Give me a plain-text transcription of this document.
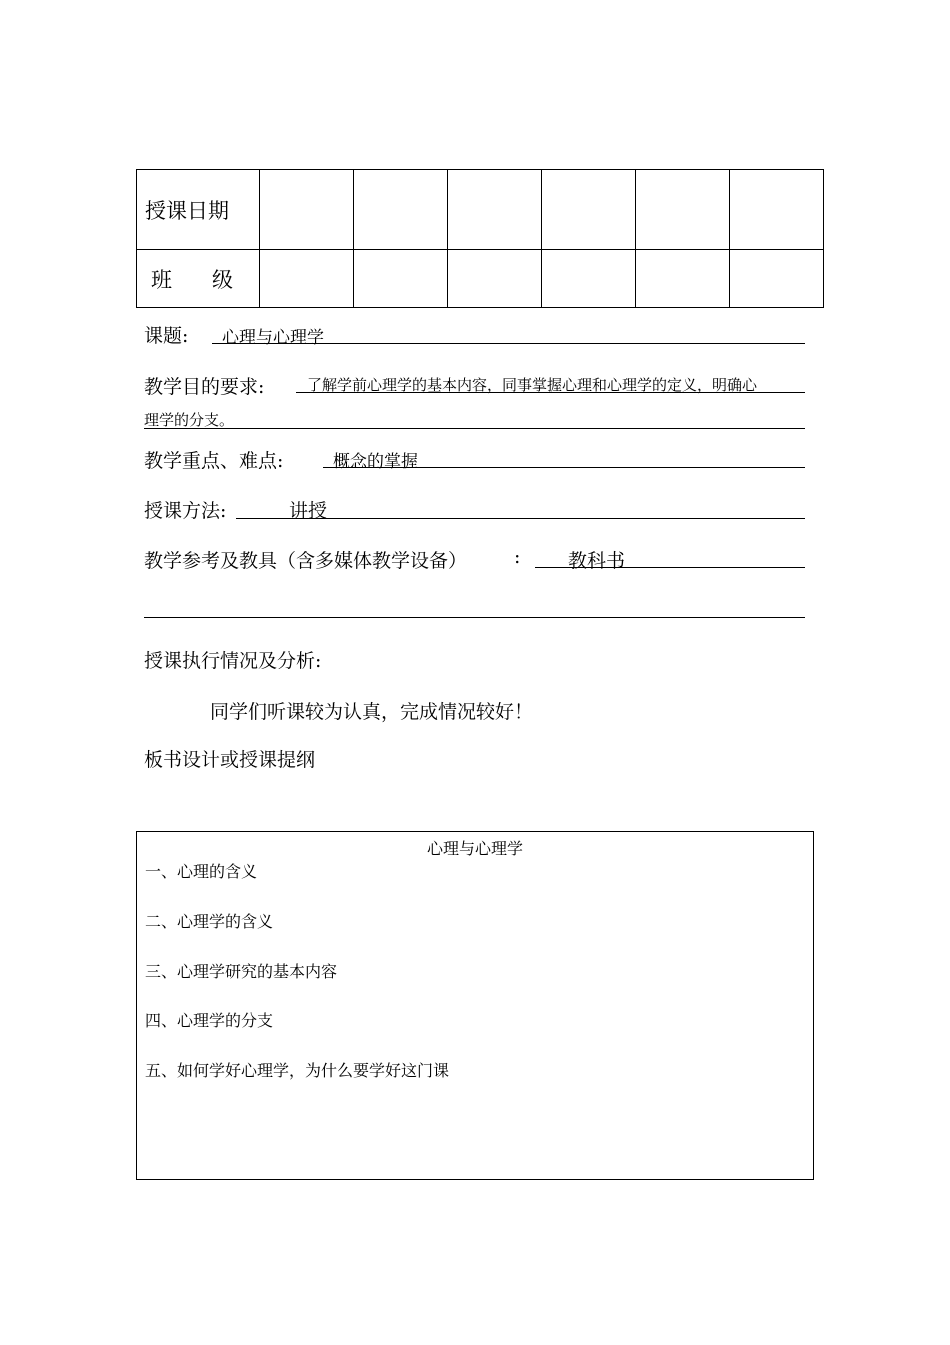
授课日期						
班 级						
课题: 心理与心理学
教学目的要求:	了解学前心理学的基本内容，同事掌握心理和心理学的定义，明确心
理学的分支。
教学重点、难点:	概念的掌握
授课方法:	讲授
教学参考及教具（含多媒体教学设备） :	教科书
授课执行情况及分析:
同学们听课较为认真，完成情况较好！
板书设计或授课提纲
心理与心理学
一、心理的含义
二、心理学的含义
三、心理学研究的基本内容
四、心理学的分支
五、如何学好心理学，为什么要学好这门课
